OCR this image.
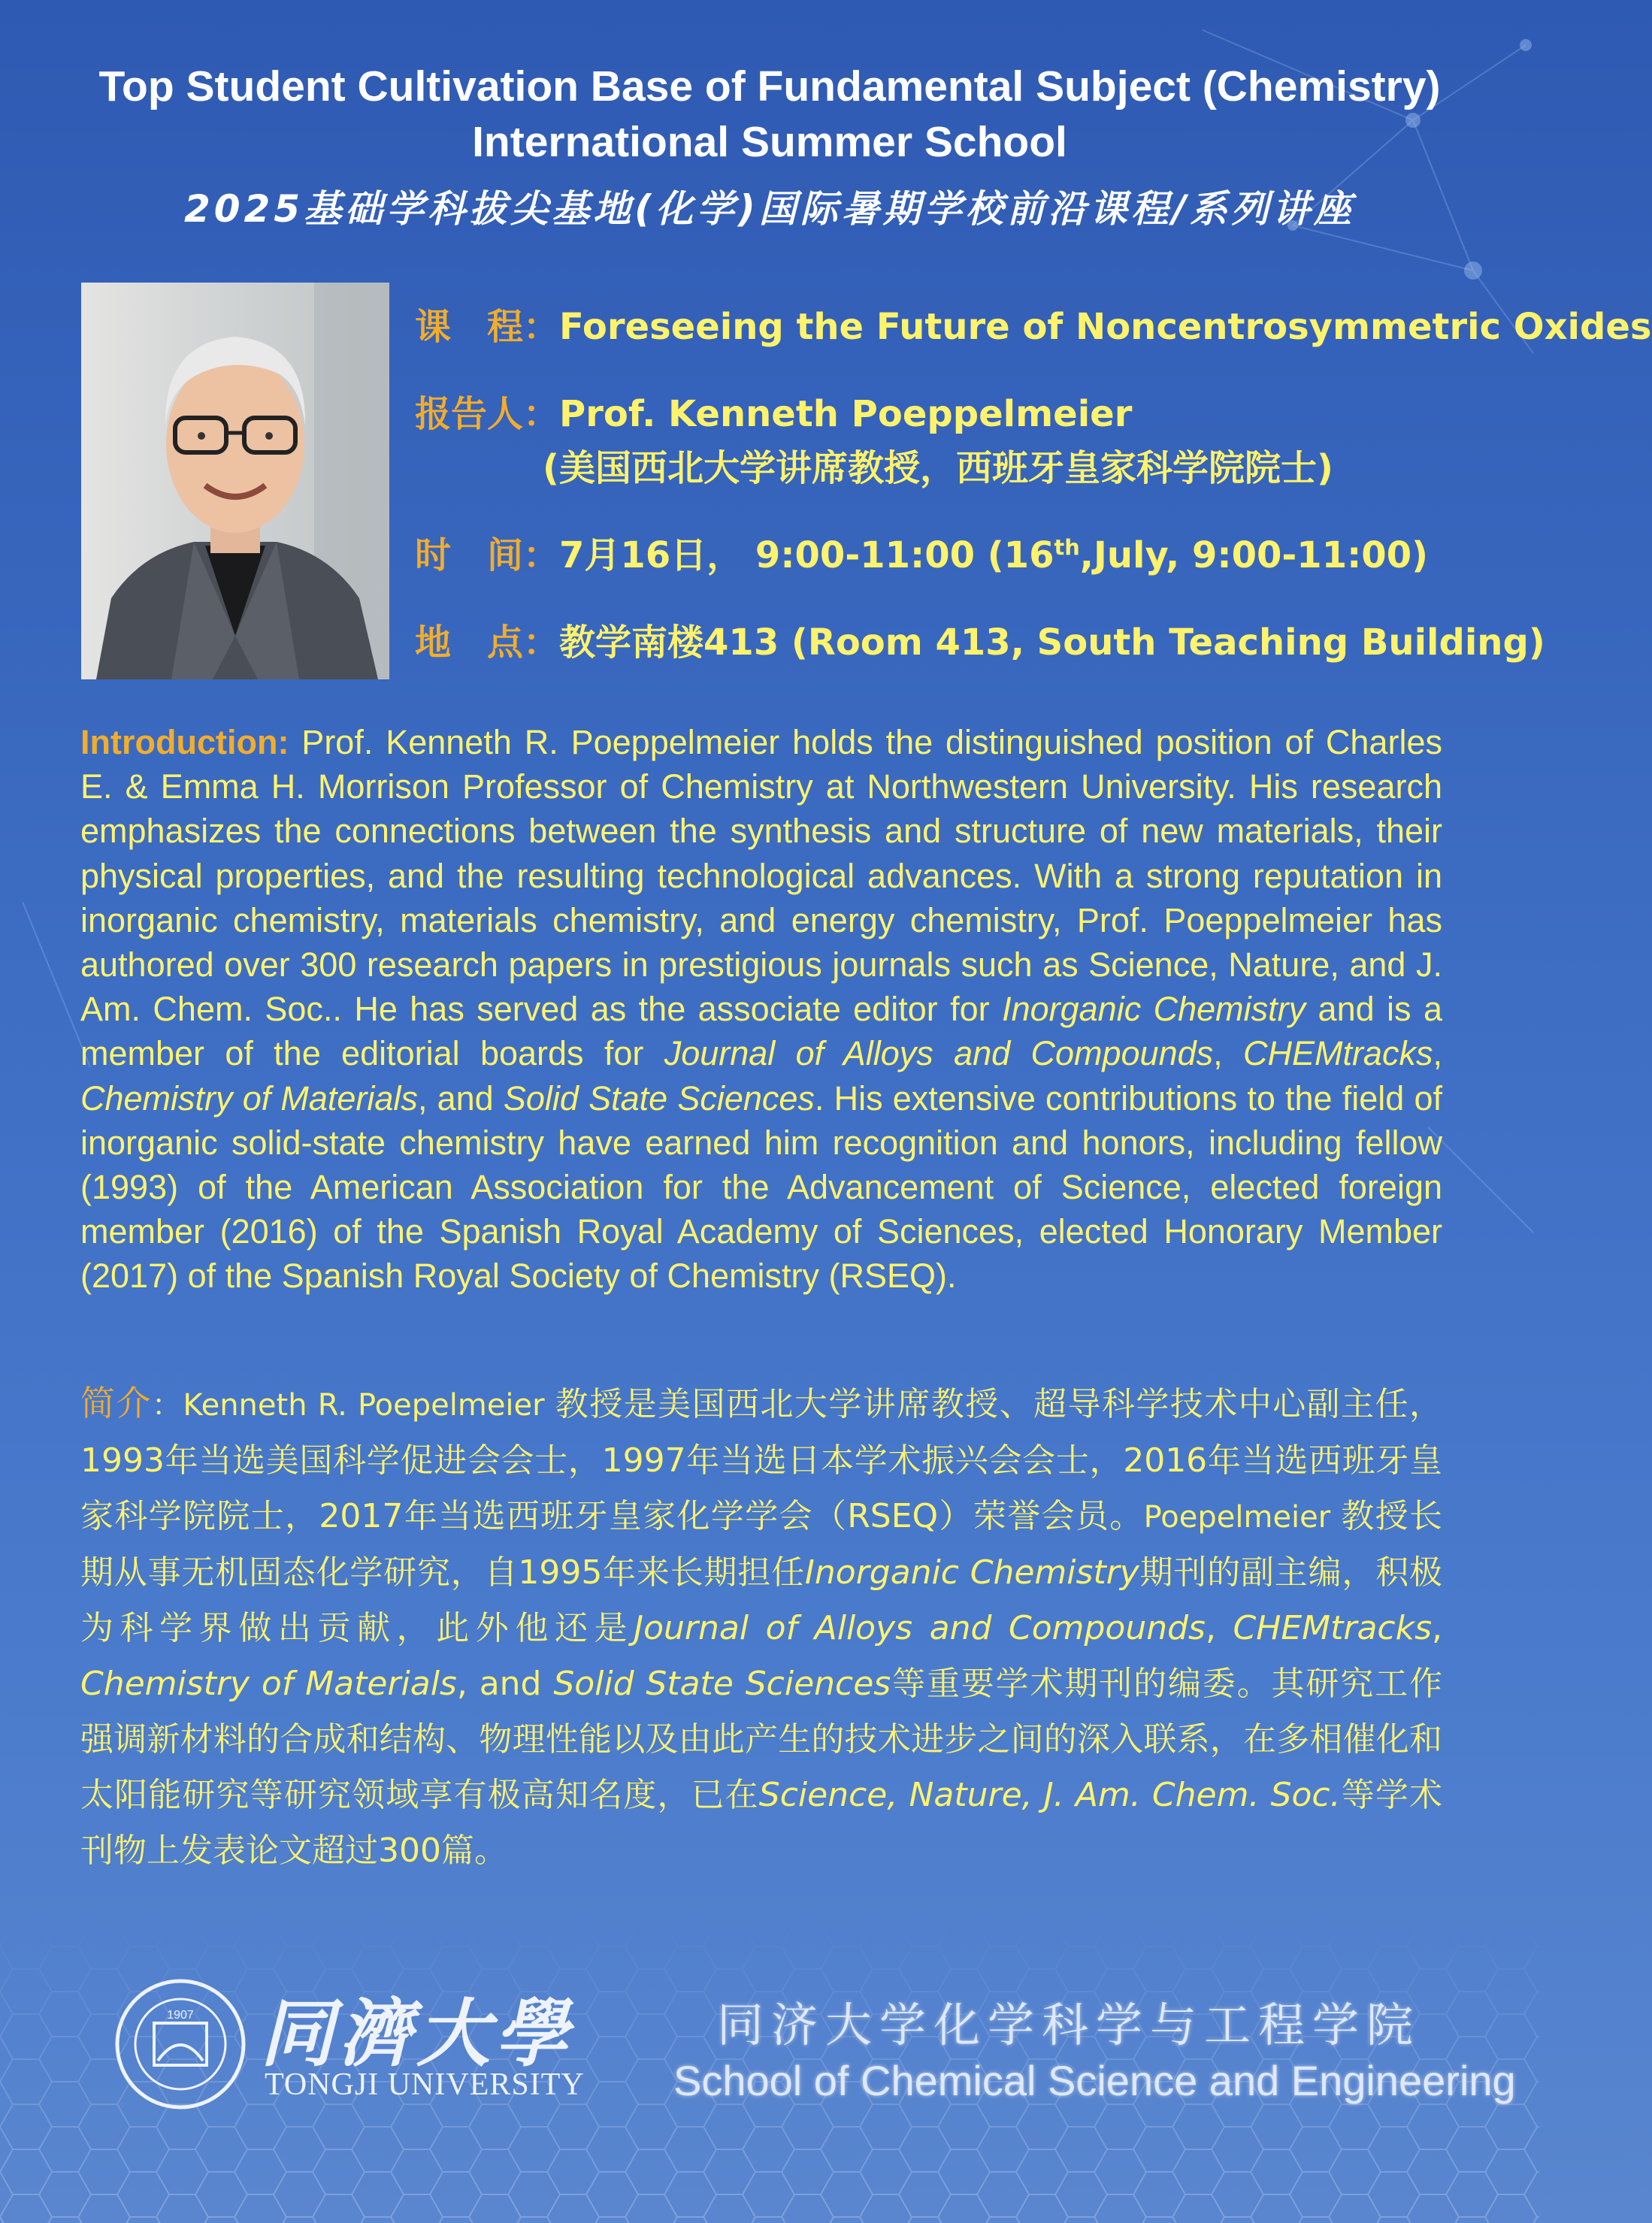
Top Student Cultivation Base of Fundamental Subject (Chemistry)
International Summer School
2025基础学科拔尖基地(化学)国际暑期学校前沿课程/系列讲座
课　程：Foreseeing the Future of Noncentrosymmetric Oxides
报告人：Prof. Kenneth Poeppelmeier
(美国西北大学讲席教授，西班牙皇家科学院院士)
时　间：7月16日， 9:00-11:00 (16th,July, 9:00-11:00)
地　点：教学南楼413 (Room 413, South Teaching Building)
Introduction: Prof. Kenneth R. Poeppelmeier holds the distinguished position of Charles E. & Emma H. Morrison Professor of Chemistry at Northwestern University. His research emphasizes the connections between the synthesis and structure of new materials, their physical properties, and the resulting technological advances. With a strong reputation in inorganic chemistry, materials chemistry, and energy chemistry, Prof. Poeppelmeier has authored over 300 research papers in prestigious journals such as Science, Nature, and J. Am. Chem. Soc.. He has served as the associate editor for Inorganic Chemistry and is a member of the editorial boards for Journal of Alloys and Compounds, CHEMtracks, Chemistry of Materials, and Solid State Sciences. His extensive contributions to the field of inorganic solid-state chemistry have earned him recognition and honors, including fellow (1993) of the American Association for the Advancement of Science, elected foreign member (2016) of the Spanish Royal Academy of Sciences, elected Honorary Member (2017) of the Spanish Royal Society of Chemistry (RSEQ).
简介：Kenneth R. Poepelmeier 教授是美国西北大学讲席教授、超导科学技术中心副主任，1993年当选美国科学促进会会士，1997年当选日本学术振兴会会士，2016年当选西班牙皇家科学院院士，2017年当选西班牙皇家化学学会（RSEQ）荣誉会员。Poepelmeier 教授长期从事无机固态化学研究，自1995年来长期担任Inorganic Chemistry期刊的副主编，积极为科学界做出贡献，此外他还是Journal of Alloys and Compounds, CHEMtracks, Chemistry of Materials, and Solid State Sciences等重要学术期刊的编委。其研究工作强调新材料的合成和结构、物理性能以及由此产生的技术进步之间的深入联系，在多相催化和太阳能研究等研究领域享有极高知名度，已在Science, Nature, J. Am. Chem. Soc.等学术刊物上发表论文超过300篇。
1907 同濟大學
TONGJI UNIVERSITY
同济大学化学科学与工程学院
School of Chemical Science and Engineering
